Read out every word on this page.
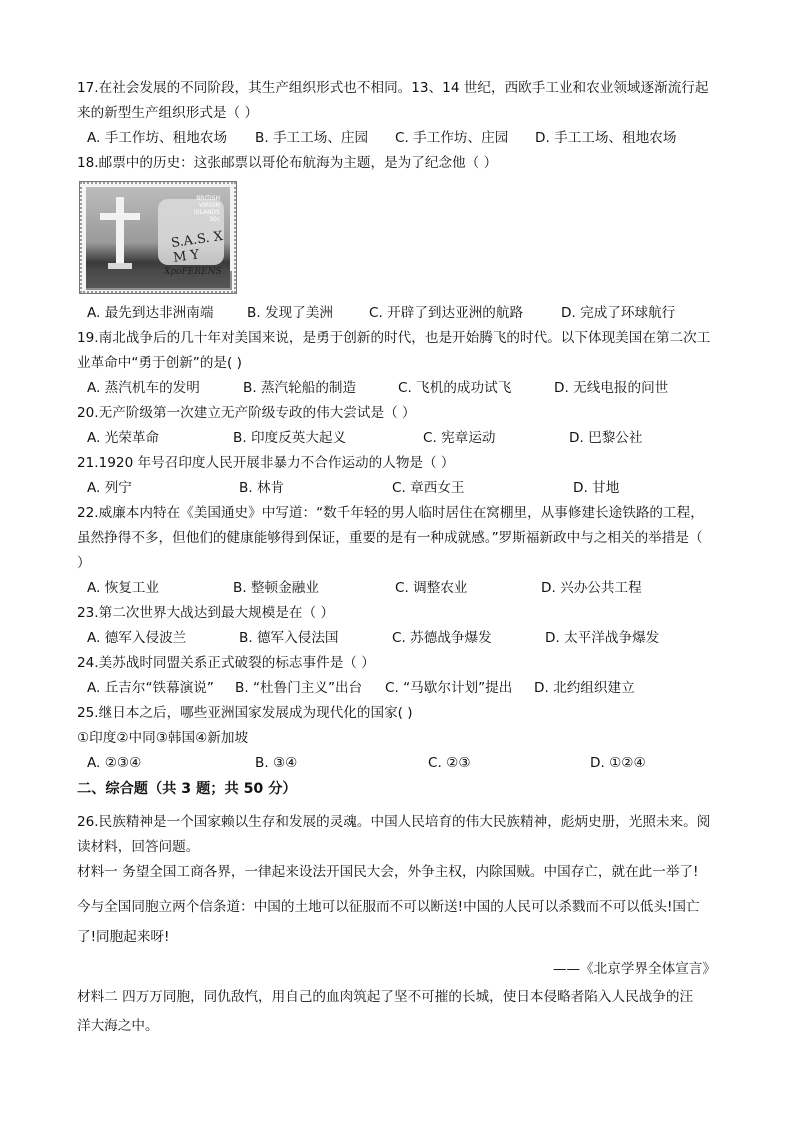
17.在社会发展的不同阶段，其生产组织形式也不相同。13、14 世纪，西欧手工业和农业领域逐渐流行起
来的新型生产组织形式是（ ）
A. 手工作坊、租地农场 B. 手工工场、庄园 C. 手工作坊、庄园 D. 手工工场、租地农场
18.邮票中的历史：这张邮票以哥伦布航海为主题，是为了纪念他（ ）
BRITISH
VIRGIN
ISLANDS
30c
S.A.S. X M Y
XpoFERENS
A. 最先到达非洲南端 B. 发现了美洲	C. 开辟了到达亚洲的航路	D. 完成了环球航行
19.南北战争后的几十年对美国来说，是勇于创新的时代，也是开始腾飞的时代。以下体现美国在第二次工
业革命中“勇于创新”的是( )
A. 蒸汽机车的发明	B. 蒸汽轮船的制造	C. 飞机的成功试飞	D. 无线电报的问世
20.无产阶级第一次建立无产阶级专政的伟大尝试是（ ）
A. 光荣革命	B. 印度反英大起义	C. 宪章运动	D. 巴黎公社
21.1920 年号召印度人民开展非暴力不合作运动的人物是（ ）
A. 列宁	B. 林肯	C. 章西女王	D. 甘地
22.威廉本内特在《美国通史》中写道：“数千年轻的男人临时居住在窝棚里，从事修建长途铁路的工程，
虽然挣得不多，但他们的健康能够得到保证，重要的是有一种成就感。”罗斯福新政中与之相关的举措是（
）
A. 恢复工业	B. 整顿金融业	C. 调整农业	D. 兴办公共工程
23.第二次世界大战达到最大规模是在（ ）
A. 德军入侵波兰	B. 德军入侵法国	C. 苏德战争爆发	D. 太平洋战争爆发
24.美苏战时同盟关系正式破裂的标志事件是（ ）
A. 丘吉尔“铁幕演说” B. “杜鲁门主义”出台 C. “马歇尔计划”提出 D. 北约组织建立
25.继日本之后，哪些亚洲国家发展成为现代化的国家( )
①印度②中同③韩国④新加坡
A. ②③④	B. ③④	C. ②③	D. ①②④
二、综合题（共 3 题；共 50 分）
26.民族精神是一个国家赖以生存和发展的灵魂。中国人民培育的伟大民族精神，彪炳史册，光照未来。阅
读材料，回答问题。
材料一 务望全国工商各界，一律起来设法开国民大会，外争主权，内除国贼。中国存亡，就在此一举了!
今与全国同胞立两个信条道：中国的土地可以征服而不可以断送!中国的人民可以杀戮而不可以低头!国亡
了!同胞起来呀!
——《北京学界全体宣言》
材料二 四万万同胞，同仇敌忾，用自己的血肉筑起了坚不可摧的长城，使日本侵略者陷入人民战争的汪
洋大海之中。
